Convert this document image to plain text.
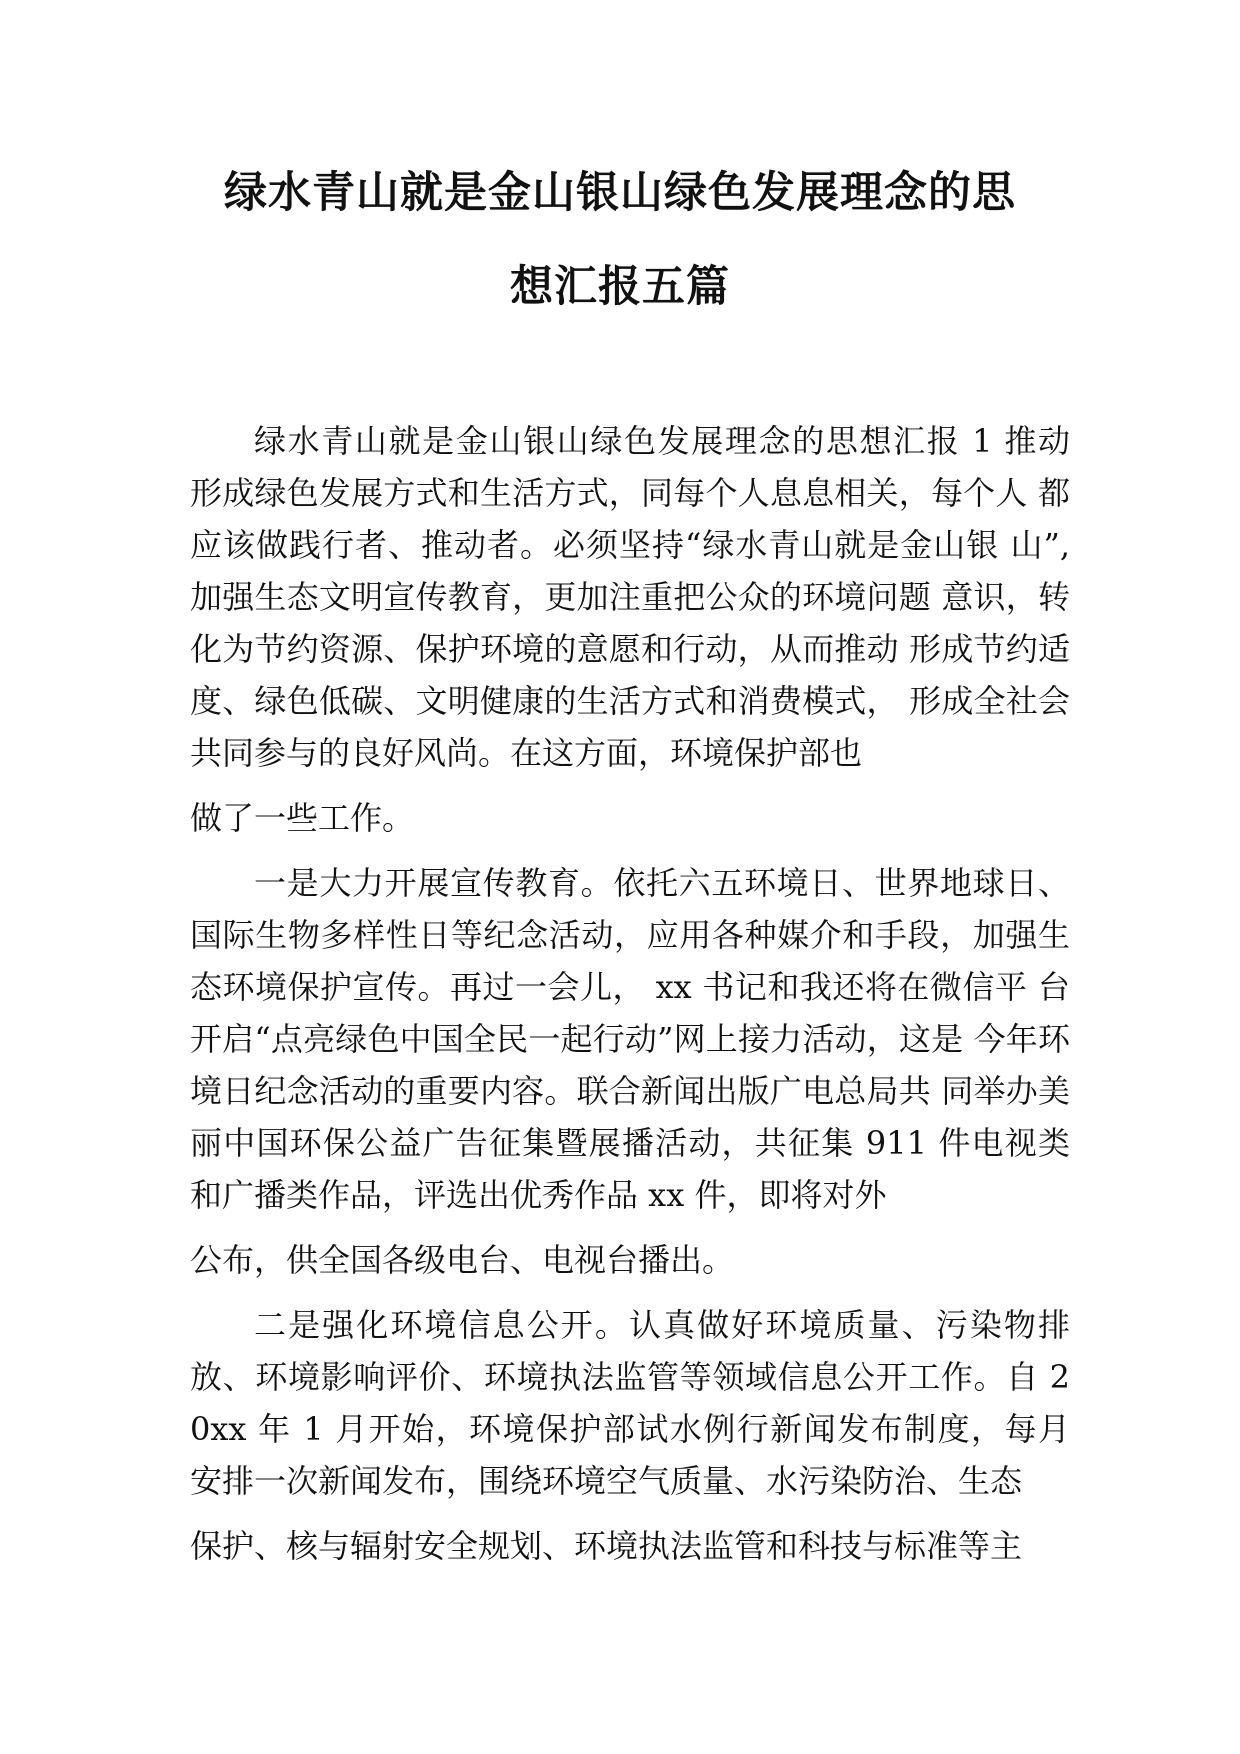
绿水青山就是金山银山绿色发展理念的思
想汇报五篇

绿水青山就是金山银山绿色发展理念的思想汇报 1 推动 形成绿色发展方式和生活方式，同每个人息息相关，每个人 都应该做践行者、推动者。必须坚持“绿水青山就是金山银 山”,加强生态文明宣传教育，更加注重把公众的环境问题 意识，转化为节约资源、保护环境的意愿和行动，从而推动 形成节约适度、绿色低碳、文明健康的生活方式和消费模式， 形成全社会共同参与的良好风尚。在这方面，环境保护部也

做了一些工作。

一是大力开展宣传教育。依托六五环境日、世界地球日、国际生物多样性日等纪念活动，应用各种媒介和手段，加强生态环境保护宣传。再过一会儿， xx 书记和我还将在微信平 台开启“点亮绿色中国全民一起行动”网上接力活动，这是 今年环境日纪念活动的重要内容。联合新闻出版广电总局共 同举办美丽中国环保公益广告征集暨展播活动，共征集 911 件电视类和广播类作品，评选出优秀作品 xx 件，即将对外

公布，供全国各级电台、电视台播出。

二是强化环境信息公开。认真做好环境质量、污染物排放、环境影响评价、环境执法监管等领域信息公开工作。自 20xx 年 1 月开始，环境保护部试水例行新闻发布制度，每月 安排一次新闻发布，围绕环境空气质量、水污染防治、生态

保护、核与辐射安全规划、环境执法监管和科技与标准等主
